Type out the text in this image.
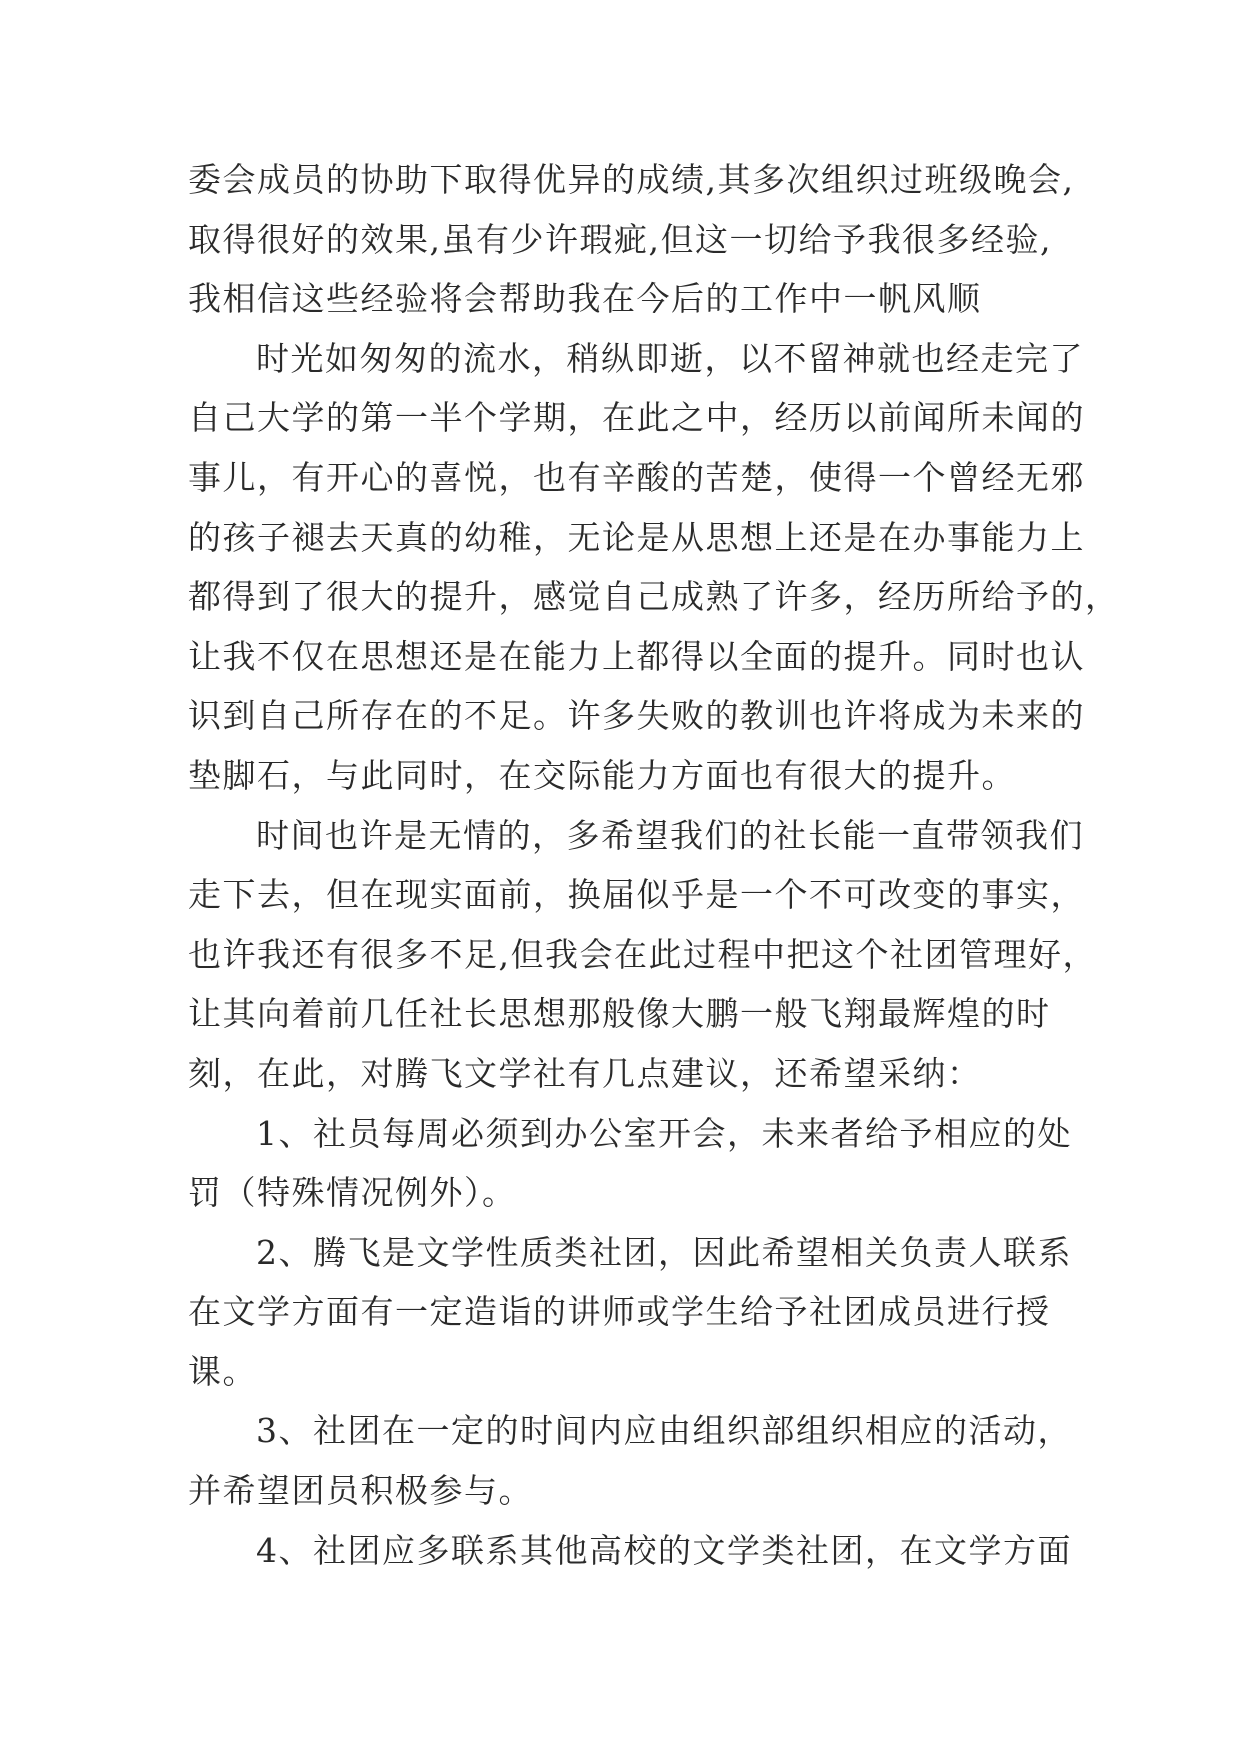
委会成员的协助下取得优异的成绩,其多次组织过班级晚会,
取得很好的效果,虽有少许瑕疵,但这一切给予我很多经验,
我相信这些经验将会帮助我在今后的工作中一帆风顺
时光如匆匆的流水，稍纵即逝，以不留神就也经走完了
自己大学的第一半个学期，在此之中，经历以前闻所未闻的
事儿，有开心的喜悦，也有辛酸的苦楚，使得一个曾经无邪
的孩子褪去天真的幼稚，无论是从思想上还是在办事能力上
都得到了很大的提升，感觉自己成熟了许多，经历所给予的，
让我不仅在思想还是在能力上都得以全面的提升。同时也认
识到自己所存在的不足。许多失败的教训也许将成为未来的
垫脚石，与此同时，在交际能力方面也有很大的提升。
时间也许是无情的，多希望我们的社长能一直带领我们
走下去，但在现实面前，换届似乎是一个不可改变的事实，
也许我还有很多不足,但我会在此过程中把这个社团管理好，
让其向着前几任社长思想那般像大鹏一般飞翔最辉煌的时
刻，在此，对腾飞文学社有几点建议，还希望采纳：
1、社员每周必须到办公室开会，未来者给予相应的处
罚（特殊情况例外）。
2、腾飞是文学性质类社团，因此希望相关负责人联系
在文学方面有一定造诣的讲师或学生给予社团成员进行授
课。
3、社团在一定的时间内应由组织部组织相应的活动，
并希望团员积极参与。
4、社团应多联系其他高校的文学类社团，在文学方面
